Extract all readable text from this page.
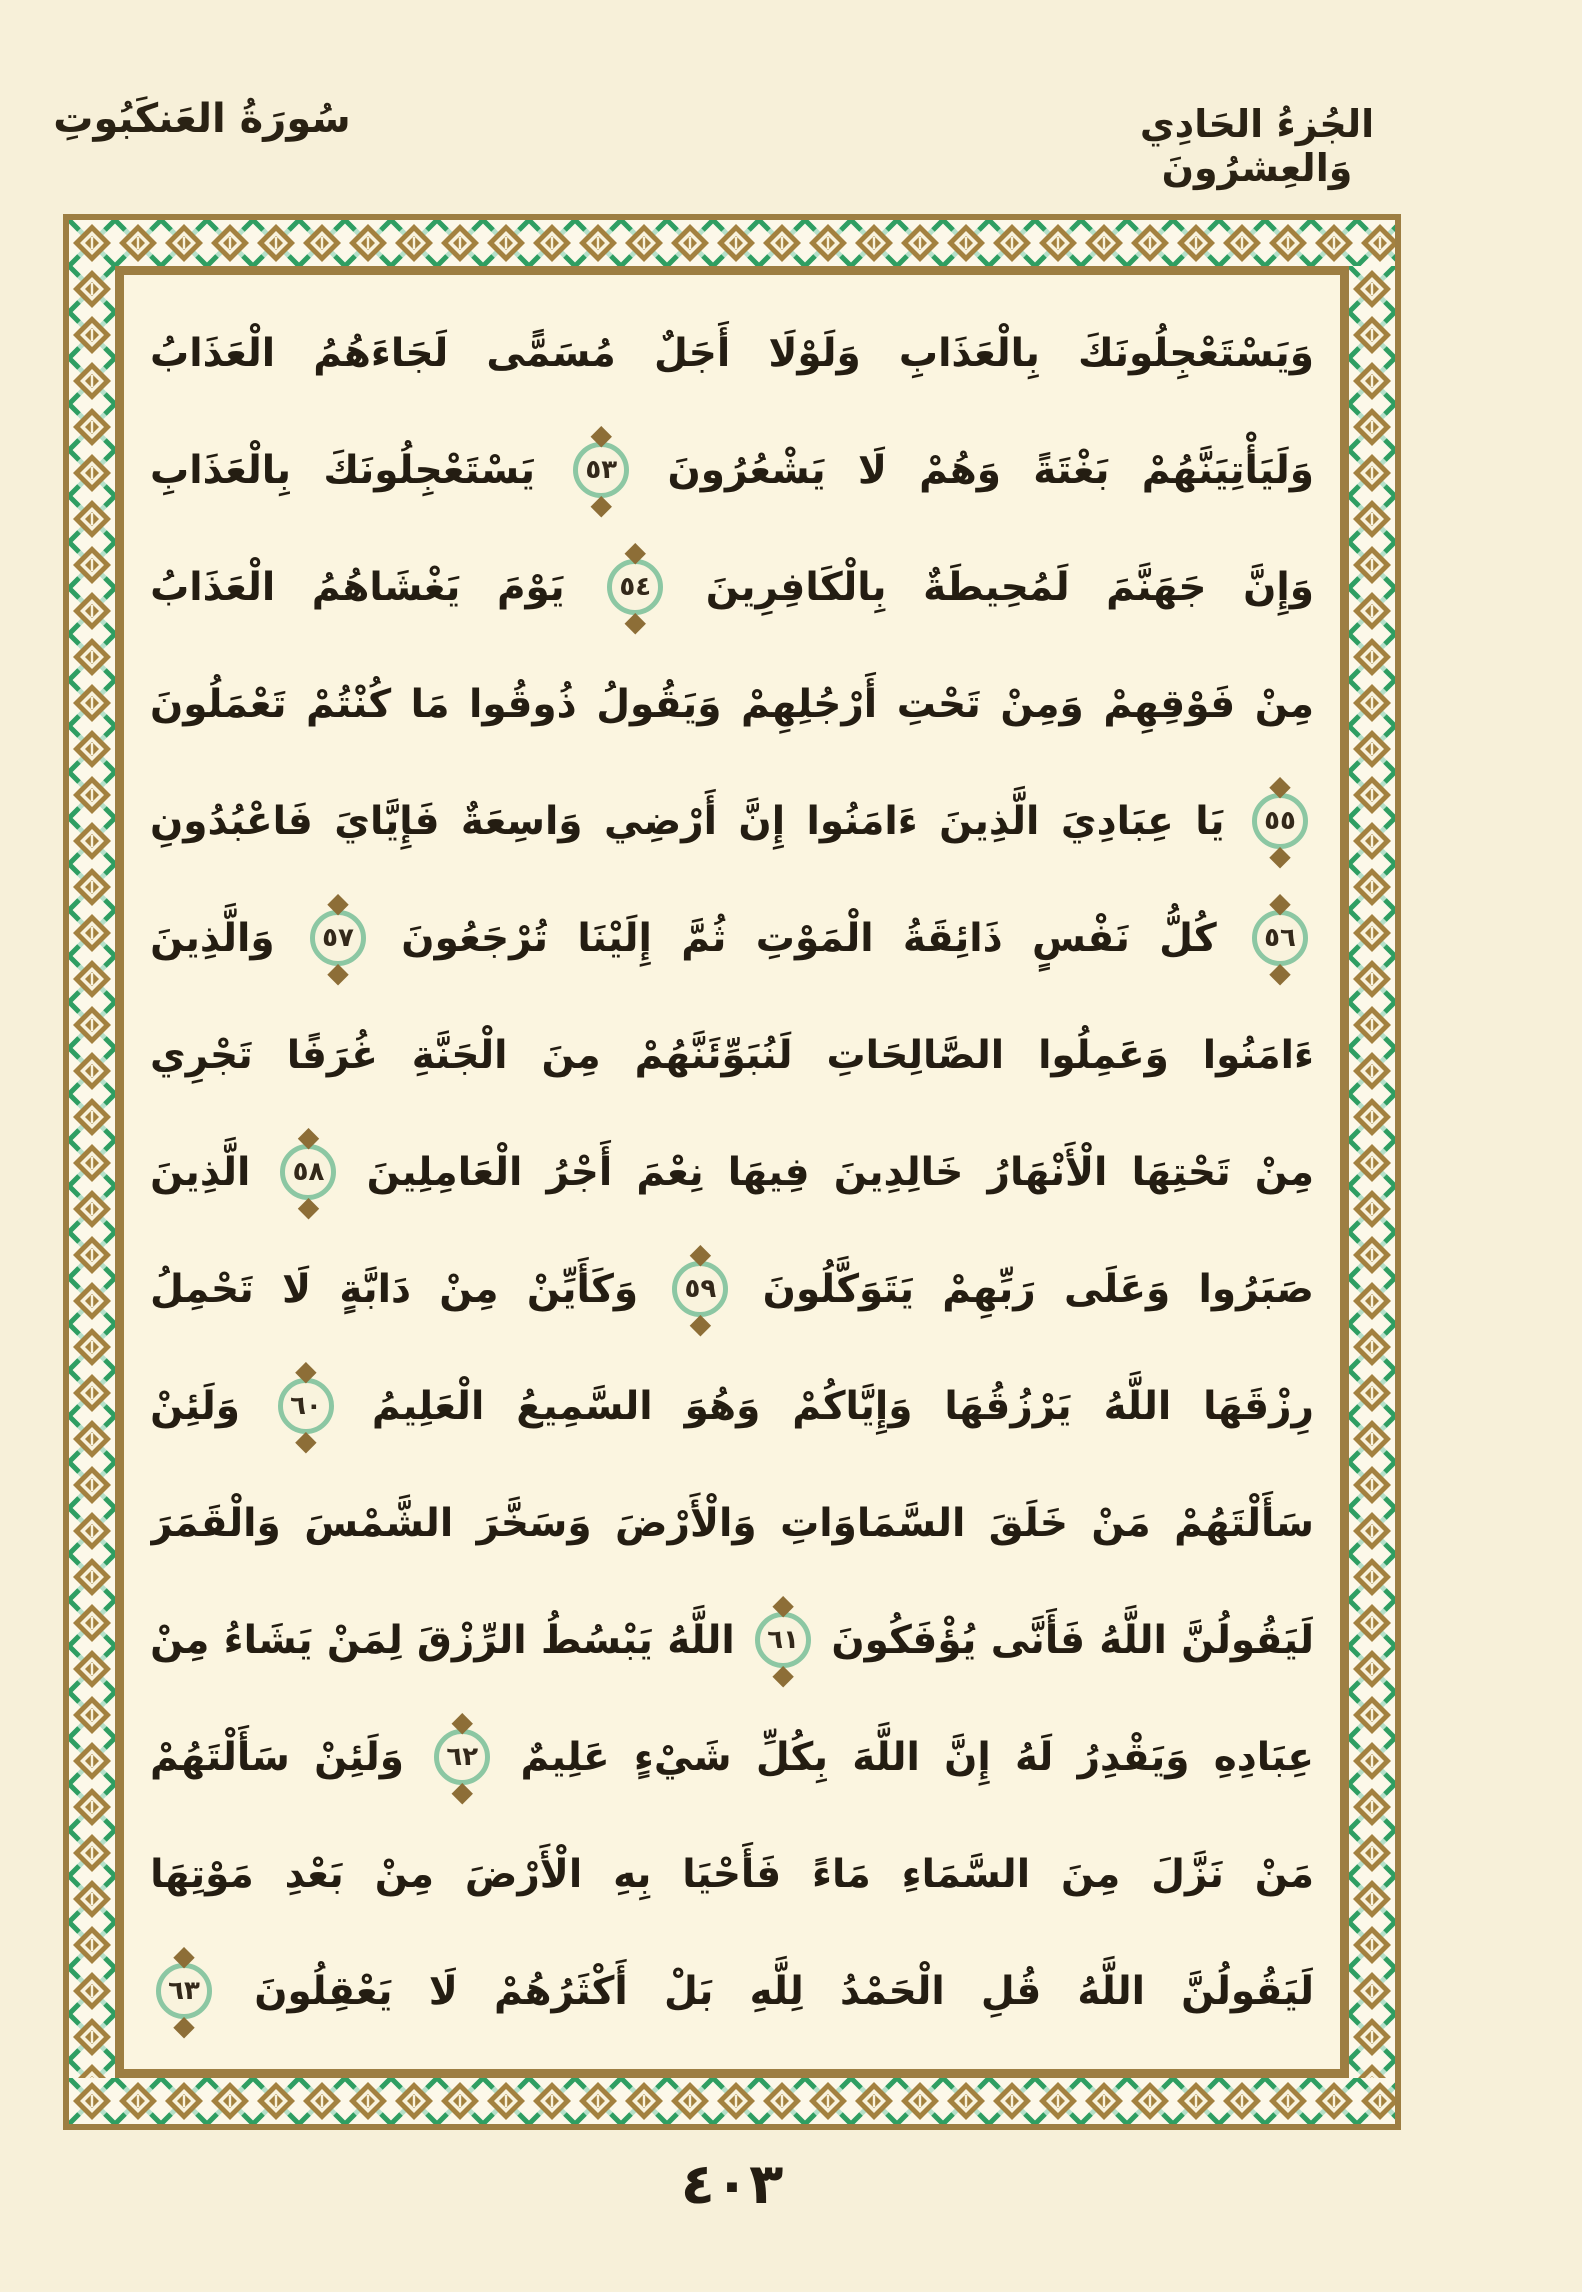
سُورَةُ العَنكَبُوتِ	الجُزءُ الحَادِي وَالعِشرُونَ
وَيَسْتَعْجِلُونَكَ
بِالْعَذَابِ
وَلَوْلَا
أَجَلٌ
مُسَمًّى
لَجَاءَهُمُ
الْعَذَابُ
وَلَيَأْتِيَنَّهُمْ
بَغْتَةً
وَهُمْ
لَا
يَشْعُرُونَ
◆ ٥٣ ◆
يَسْتَعْجِلُونَكَ
بِالْعَذَابِ
وَإِنَّ
جَهَنَّمَ
لَمُحِيطَةٌ
بِالْكَافِرِينَ
◆ ٥٤ ◆
يَوْمَ
يَغْشَاهُمُ
الْعَذَابُ
مِنْ
فَوْقِهِمْ
وَمِنْ
تَحْتِ
أَرْجُلِهِمْ
وَيَقُولُ
ذُوقُوا
مَا
كُنْتُمْ
تَعْمَلُونَ
◆ ٥٥ ◆
يَا
عِبَادِيَ
الَّذِينَ
ءَامَنُوا
إِنَّ
أَرْضِي
وَاسِعَةٌ
فَإِيَّايَ
فَاعْبُدُونِ
◆ ٥٦ ◆
كُلُّ
نَفْسٍ
ذَائِقَةُ
الْمَوْتِ
ثُمَّ
إِلَيْنَا
تُرْجَعُونَ
◆ ٥٧ ◆
وَالَّذِينَ
ءَامَنُوا
وَعَمِلُوا
الصَّالِحَاتِ
لَنُبَوِّئَنَّهُمْ
مِنَ
الْجَنَّةِ
غُرَفًا
تَجْرِي
مِنْ
تَحْتِهَا
الْأَنْهَارُ
خَالِدِينَ
فِيهَا
نِعْمَ
أَجْرُ
الْعَامِلِينَ
◆ ٥٨ ◆
الَّذِينَ
صَبَرُوا
وَعَلَى
رَبِّهِمْ
يَتَوَكَّلُونَ
◆ ٥٩ ◆
وَكَأَيِّنْ
مِنْ
دَابَّةٍ
لَا
تَحْمِلُ
رِزْقَهَا
اللَّهُ
يَرْزُقُهَا
وَإِيَّاكُمْ
وَهُوَ
السَّمِيعُ
الْعَلِيمُ
◆ ٦٠ ◆
وَلَئِنْ
سَأَلْتَهُمْ
مَنْ
خَلَقَ
السَّمَاوَاتِ
وَالْأَرْضَ
وَسَخَّرَ
الشَّمْسَ
وَالْقَمَرَ
لَيَقُولُنَّ
اللَّهُ
فَأَنَّى
يُؤْفَكُونَ
◆ ٦١ ◆
اللَّهُ
يَبْسُطُ
الرِّزْقَ
لِمَنْ
يَشَاءُ
مِنْ
عِبَادِهِ
وَيَقْدِرُ
لَهُ
إِنَّ
اللَّهَ
بِكُلِّ
شَيْءٍ
عَلِيمٌ
◆ ٦٢ ◆
وَلَئِنْ
سَأَلْتَهُمْ
مَنْ
نَزَّلَ
مِنَ
السَّمَاءِ
مَاءً
فَأَحْيَا
بِهِ
الْأَرْضَ
مِنْ
بَعْدِ
مَوْتِهَا
لَيَقُولُنَّ
اللَّهُ
قُلِ
الْحَمْدُ
لِلَّهِ
بَلْ
أَكْثَرُهُمْ
لَا
يَعْقِلُونَ
◆ ٦٣ ◆
٤٠٣
